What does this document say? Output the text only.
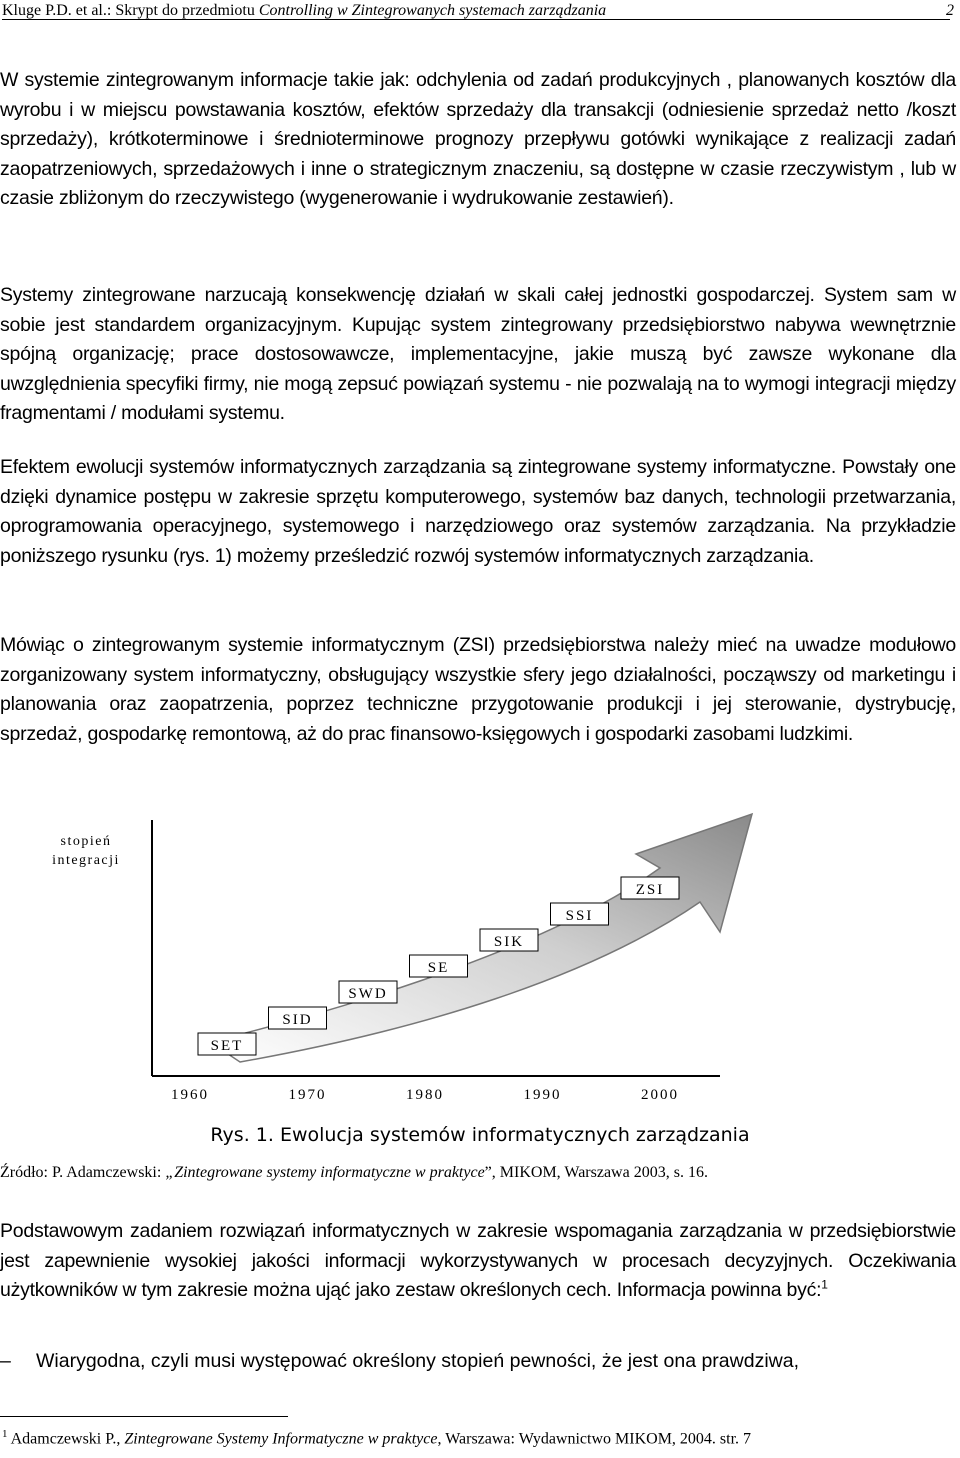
Kluge P.D. et al.: Skrypt do przedmiotu Controlling w Zintegrowanych systemach zarządzania	2

W systemie zintegrowanym informacje takie jak: odchylenia od zadań produkcyjnych , planowanych kosztów dla wyrobu i w miejscu powstawania kosztów, efektów sprzedaży dla transakcji (odniesienie sprzedaż netto /koszt sprzedaży), krótkoterminowe i średnioterminowe prognozy przepływu gotówki wynikające z realizacji zadań zaopatrzeniowych, sprzedażowych i inne o strategicznym znaczeniu, są dostępne w czasie rzeczywistym , lub w czasie zbliżonym do rzeczywistego (wygenerowanie i wydrukowanie zestawień).

Systemy zintegrowane narzucają konsekwencję działań w skali całej jednostki gospodarczej. System sam w sobie jest standardem organizacyjnym. Kupując system zintegrowany przedsiębiorstwo nabywa wewnętrznie spójną organizację; prace dostosowawcze, implementacyjne, jakie muszą być zawsze wykonane dla uwzględnienia specyfiki firmy, nie mogą zepsuć powiązań systemu - nie pozwalają na to wymogi integracji między fragmentami / modułami systemu.

Efektem ewolucji systemów informatycznych zarządzania są zintegrowane systemy informatyczne. Powstały one dzięki dynamice postępu w zakresie sprzętu komputerowego, systemów baz danych, technologii przetwarzania, oprogramowania operacyjnego, systemowego i narzędziowego oraz systemów zarządzania. Na przykładzie poniższego rysunku (rys. 1) możemy prześledzić rozwój systemów informatycznych zarządzania.

Mówiąc o zintegrowanym systemie informatycznym (ZSI) przedsiębiorstwa należy mieć na uwadze modułowo zorganizowany system informatyczny, obsługujący wszystkie sfery jego działalności, począwszy od marketingu i planowania oraz zaopatrzenia, poprzez techniczne przygotowanie produkcji i jej sterowanie, dystrybucję, sprzedaż, gospodarkę remontową, aż do prac finansowo-księgowych i gospodarki zasobami ludzkimi.

stopień
integracji
SET
SID
SWD
SE
SIK
SSI
ZSI
1960	1970	1980	1990	2000
Rys. 1. Ewolucja systemów informatycznych zarządzania
Źródło: P. Adamczewski: „Zintegrowane systemy informatyczne w praktyce”, MIKOM, Warszawa 2003, s. 16.

Podstawowym zadaniem rozwiązań informatycznych w zakresie wspomagania zarządzania w przedsiębiorstwie jest zapewnienie wysokiej jakości informacji wykorzystywanych w procesach decyzyjnych. Oczekiwania użytkowników w tym zakresie można ująć jako zestaw określonych cech. Informacja powinna być:$^1$

– Wiarygodna, czyli musi występować określony stopień pewności, że jest ona prawdziwa,
$^1$ Adamczewski P., Zintegrowane Systemy Informatyczne w praktyce, Warszawa: Wydawnictwo MIKOM, 2004. str. 7
